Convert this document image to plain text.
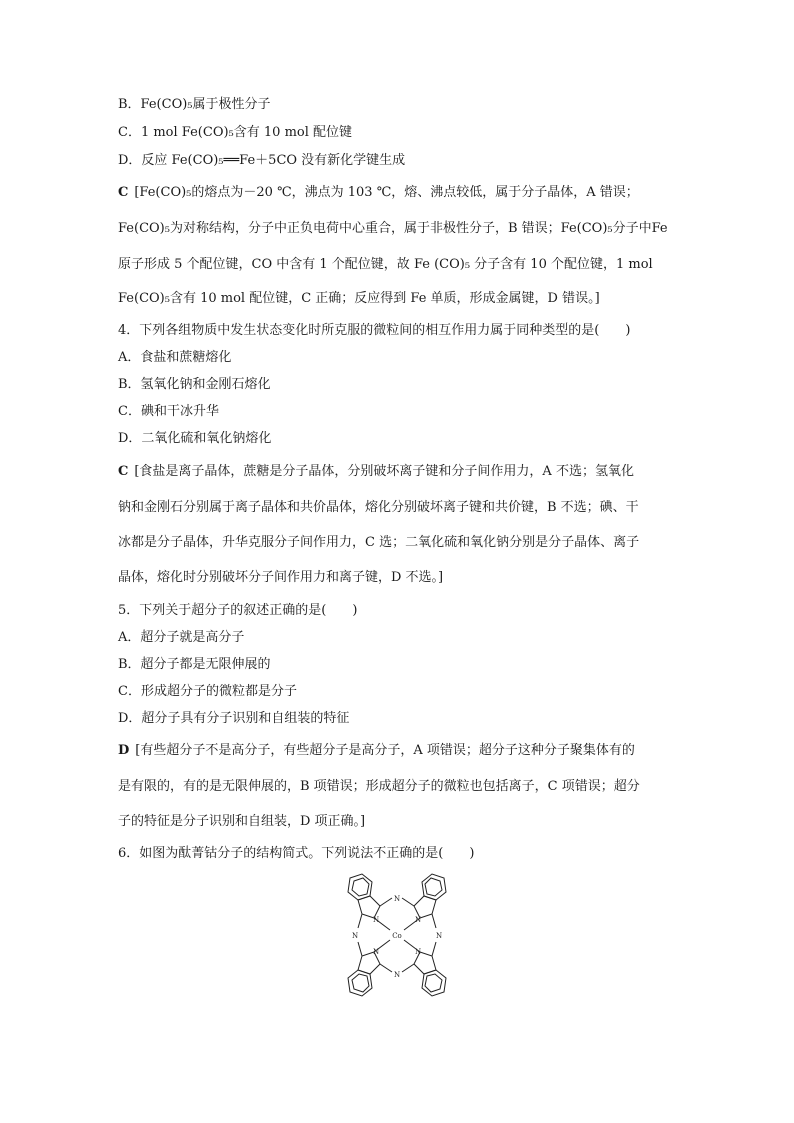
B．Fe(CO)₅属于极性分子
C．1 mol Fe(CO)₅含有 10 mol 配位键
D．反应 Fe(CO)₅══Fe＋5CO 没有新化学键生成
C [Fe(CO)₅的熔点为－20 ℃，沸点为 103 ℃，熔、沸点较低，属于分子晶体，A 错误；
Fe(CO)₅为对称结构，分子中正负电荷中心重合，属于非极性分子，B 错误；Fe(CO)₅分子中Fe
原子形成 5 个配位键，CO 中含有 1 个配位键，故 Fe (CO)₅ 分子含有 10 个配位键，1 mol
Fe(CO)₅含有 10 mol 配位键，C 正确；反应得到 Fe 单质，形成金属键，D 错误。]
4．下列各组物质中发生状态变化时所克服的微粒间的相互作用力属于同种类型的是(　　)
A．食盐和蔗糖熔化
B．氢氧化钠和金刚石熔化
C．碘和干冰升华
D．二氧化硫和氧化钠熔化
C [食盐是离子晶体，蔗糖是分子晶体，分别破坏离子键和分子间作用力，A 不选；氢氧化
钠和金刚石分别属于离子晶体和共价晶体，熔化分别破坏离子键和共价键，B 不选；碘、干
冰都是分子晶体，升华克服分子间作用力，C 选；二氧化硫和氧化钠分别是分子晶体、离子
晶体，熔化时分别破坏分子间作用力和离子键，D 不选。]
5．下列关于超分子的叙述正确的是(　　)
A．超分子就是高分子
B．超分子都是无限伸展的
C．形成超分子的微粒都是分子
D．超分子具有分子识别和自组装的特征
D [有些超分子不是高分子，有些超分子是高分子，A 项错误；超分子这种分子聚集体有的
是有限的，有的是无限伸展的，B 项错误；形成超分子的微粒也包括离子，C 项错误；超分
子的特征是分子识别和自组装，D 项正确。]
6．如图为酞菁钴分子的结构简式。下列说法不正确的是(　　)
N
N
N	N
N	N
N	N
Co
